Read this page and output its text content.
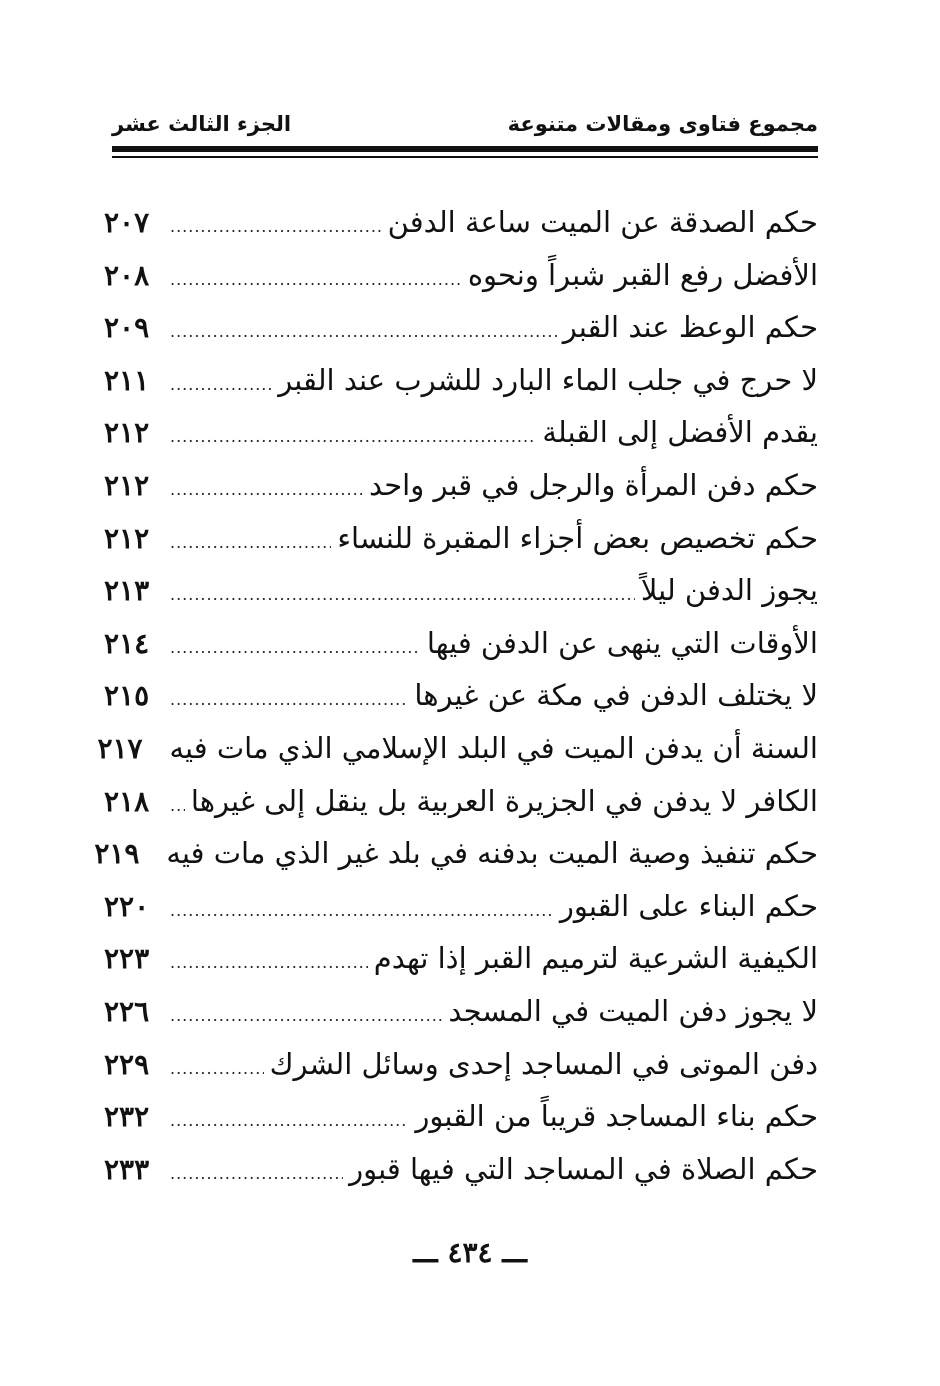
مجموع فتاوى ومقالات متنوعة
الجزء الثالث عشر
حكم الصدقة عن الميت ساعة الدفن
.....
٢٠٧
الأفضل رفع القبر شبراً ونحوه
.....
٢٠٨
حكم الوعظ عند القبر
.....
٢٠٩
لا حرج في جلب الماء البارد للشرب عند القبر
.....
٢١١
يقدم الأفضل إلى القبلة
.....
٢١٢
حكم دفن المرأة والرجل في قبر واحد
.....
٢١٢
حكم تخصيص بعض أجزاء المقبرة للنساء
.....
٢١٢
يجوز الدفن ليلاً
.....
٢١٣
الأوقات التي ينهى عن الدفن فيها
.....
٢١٤
لا يختلف الدفن في مكة عن غيرها
.....
٢١٥
السنة أن يدفن الميت في البلد الإسلامي الذي مات فيه
٢١٧
الكافر لا يدفن في الجزيرة العربية بل ينقل إلى غيرها
.....
٢١٨
حكم تنفيذ وصية الميت بدفنه في بلد غير الذي مات فيه
٢١٩
حكم البناء على القبور
.....
٢٢٠
الكيفية الشرعية لترميم القبر إذا تهدم
.....
٢٢٣
لا يجوز دفن الميت في المسجد
.....
٢٢٦
دفن الموتى في المساجد إحدى وسائل الشرك
.....
٢٢٩
حكم بناء المساجد قريباً من القبور
.....
٢٣٢
حكم الصلاة في المساجد التي فيها قبور
.....
٢٣٣
ـــ ٤٣٤ ـــ
